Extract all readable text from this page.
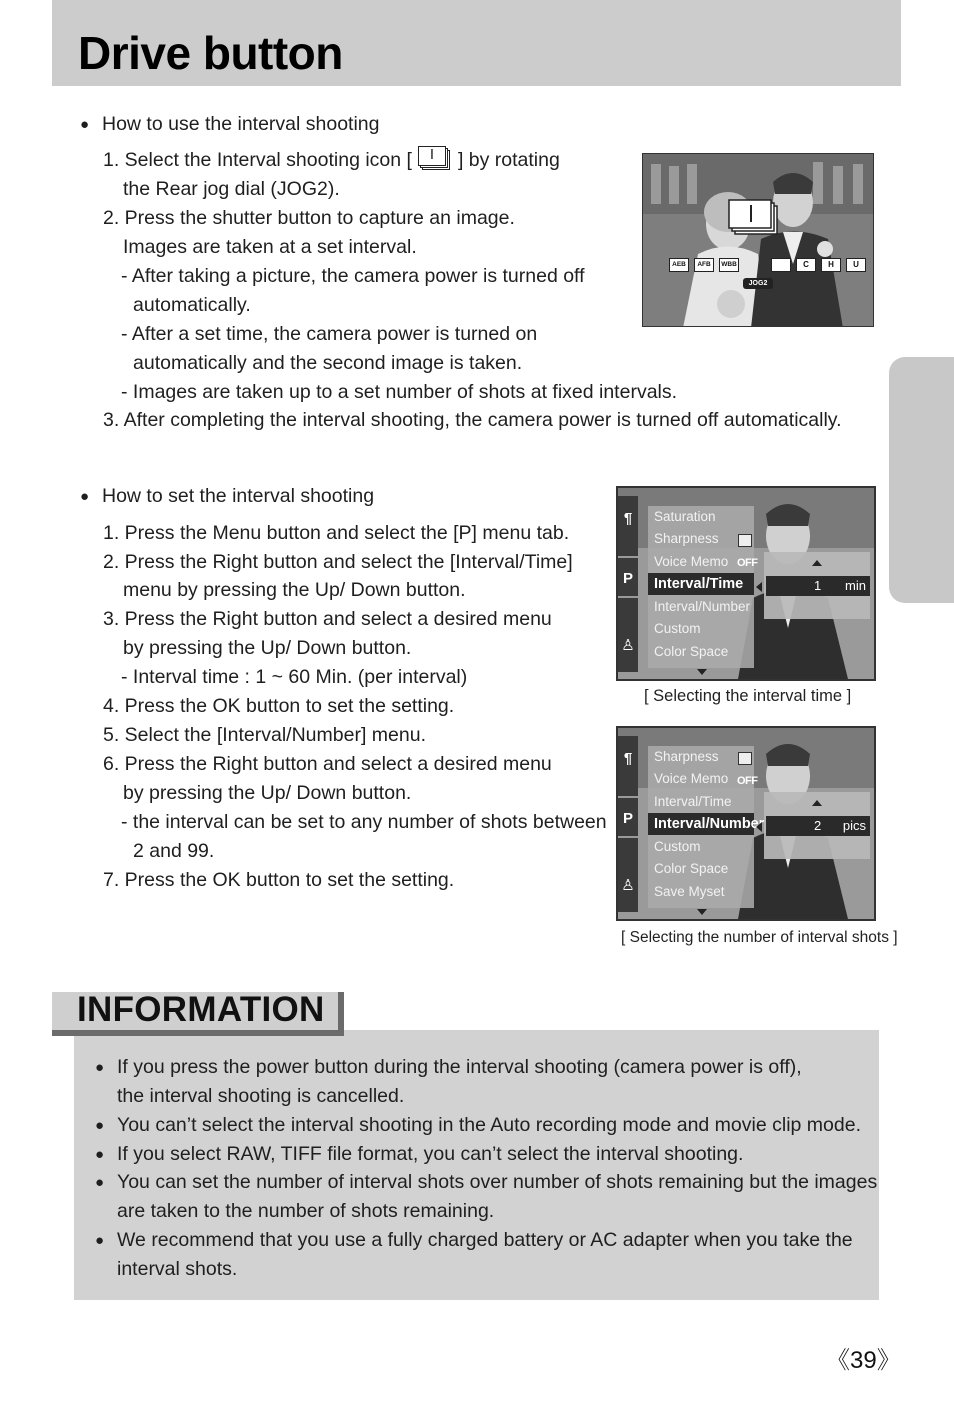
Drive button
● How to use the interval shooting
1. Select the Interval shooting icon [	I	] by rotating
the Rear jog dial (JOG2).
2. Press the shutter button to capture an image.
Images are taken at a set interval.
- After taking a picture, the camera power is turned off
automatically.
- After a set time, the camera power is turned on
automatically and the second image is taken.
- Images are taken up to a set number of shots at fixed intervals.
3. After completing the interval shooting, the camera power is turned off automatically.
AEB	AFB	WBB	C	H	U
JOG2
● How to set the interval shooting
1. Press the Menu button and select the [P] menu tab.
2. Press the Right button and select the [Interval/Time]
menu by pressing the Up/ Down button.
3. Press the Right button and select a desired menu
by pressing the Up/ Down button.
- Interval time : 1 ~ 60 Min. (per interval)
4. Press the OK button to set the setting.
5. Select the [Interval/Number] menu.
6. Press the Right button and select a desired menu
by pressing the Up/ Down button.
- the interval can be set to any number of shots between
2 and 99.
7. Press the OK button to set the setting.
¶
P
♙
Saturation
Sharpness
Voice Memo
Interval/Time
Interval/Number
Custom
Color Space
OFF
1 min
[ Selecting the interval time ]
¶
P
♙
Sharpness
Voice Memo
Interval/Time
Interval/Number
Custom
Color Space
Save Myset
OFF
2 pics
[ Selecting the number of interval shots ]
INFORMATION
● If you press the power button during the interval shooting (camera power is off),
the interval shooting is cancelled.
● You can’t select the interval shooting in the Auto recording mode and movie clip mode.
● If you select RAW, TIFF file format, you can’t select the interval shooting.
● You can set the number of interval shots over number of shots remaining but the images
are taken to the number of shots remaining.
● We recommend that you use a fully charged battery or AC adapter when you take the
interval shots.
《39》
